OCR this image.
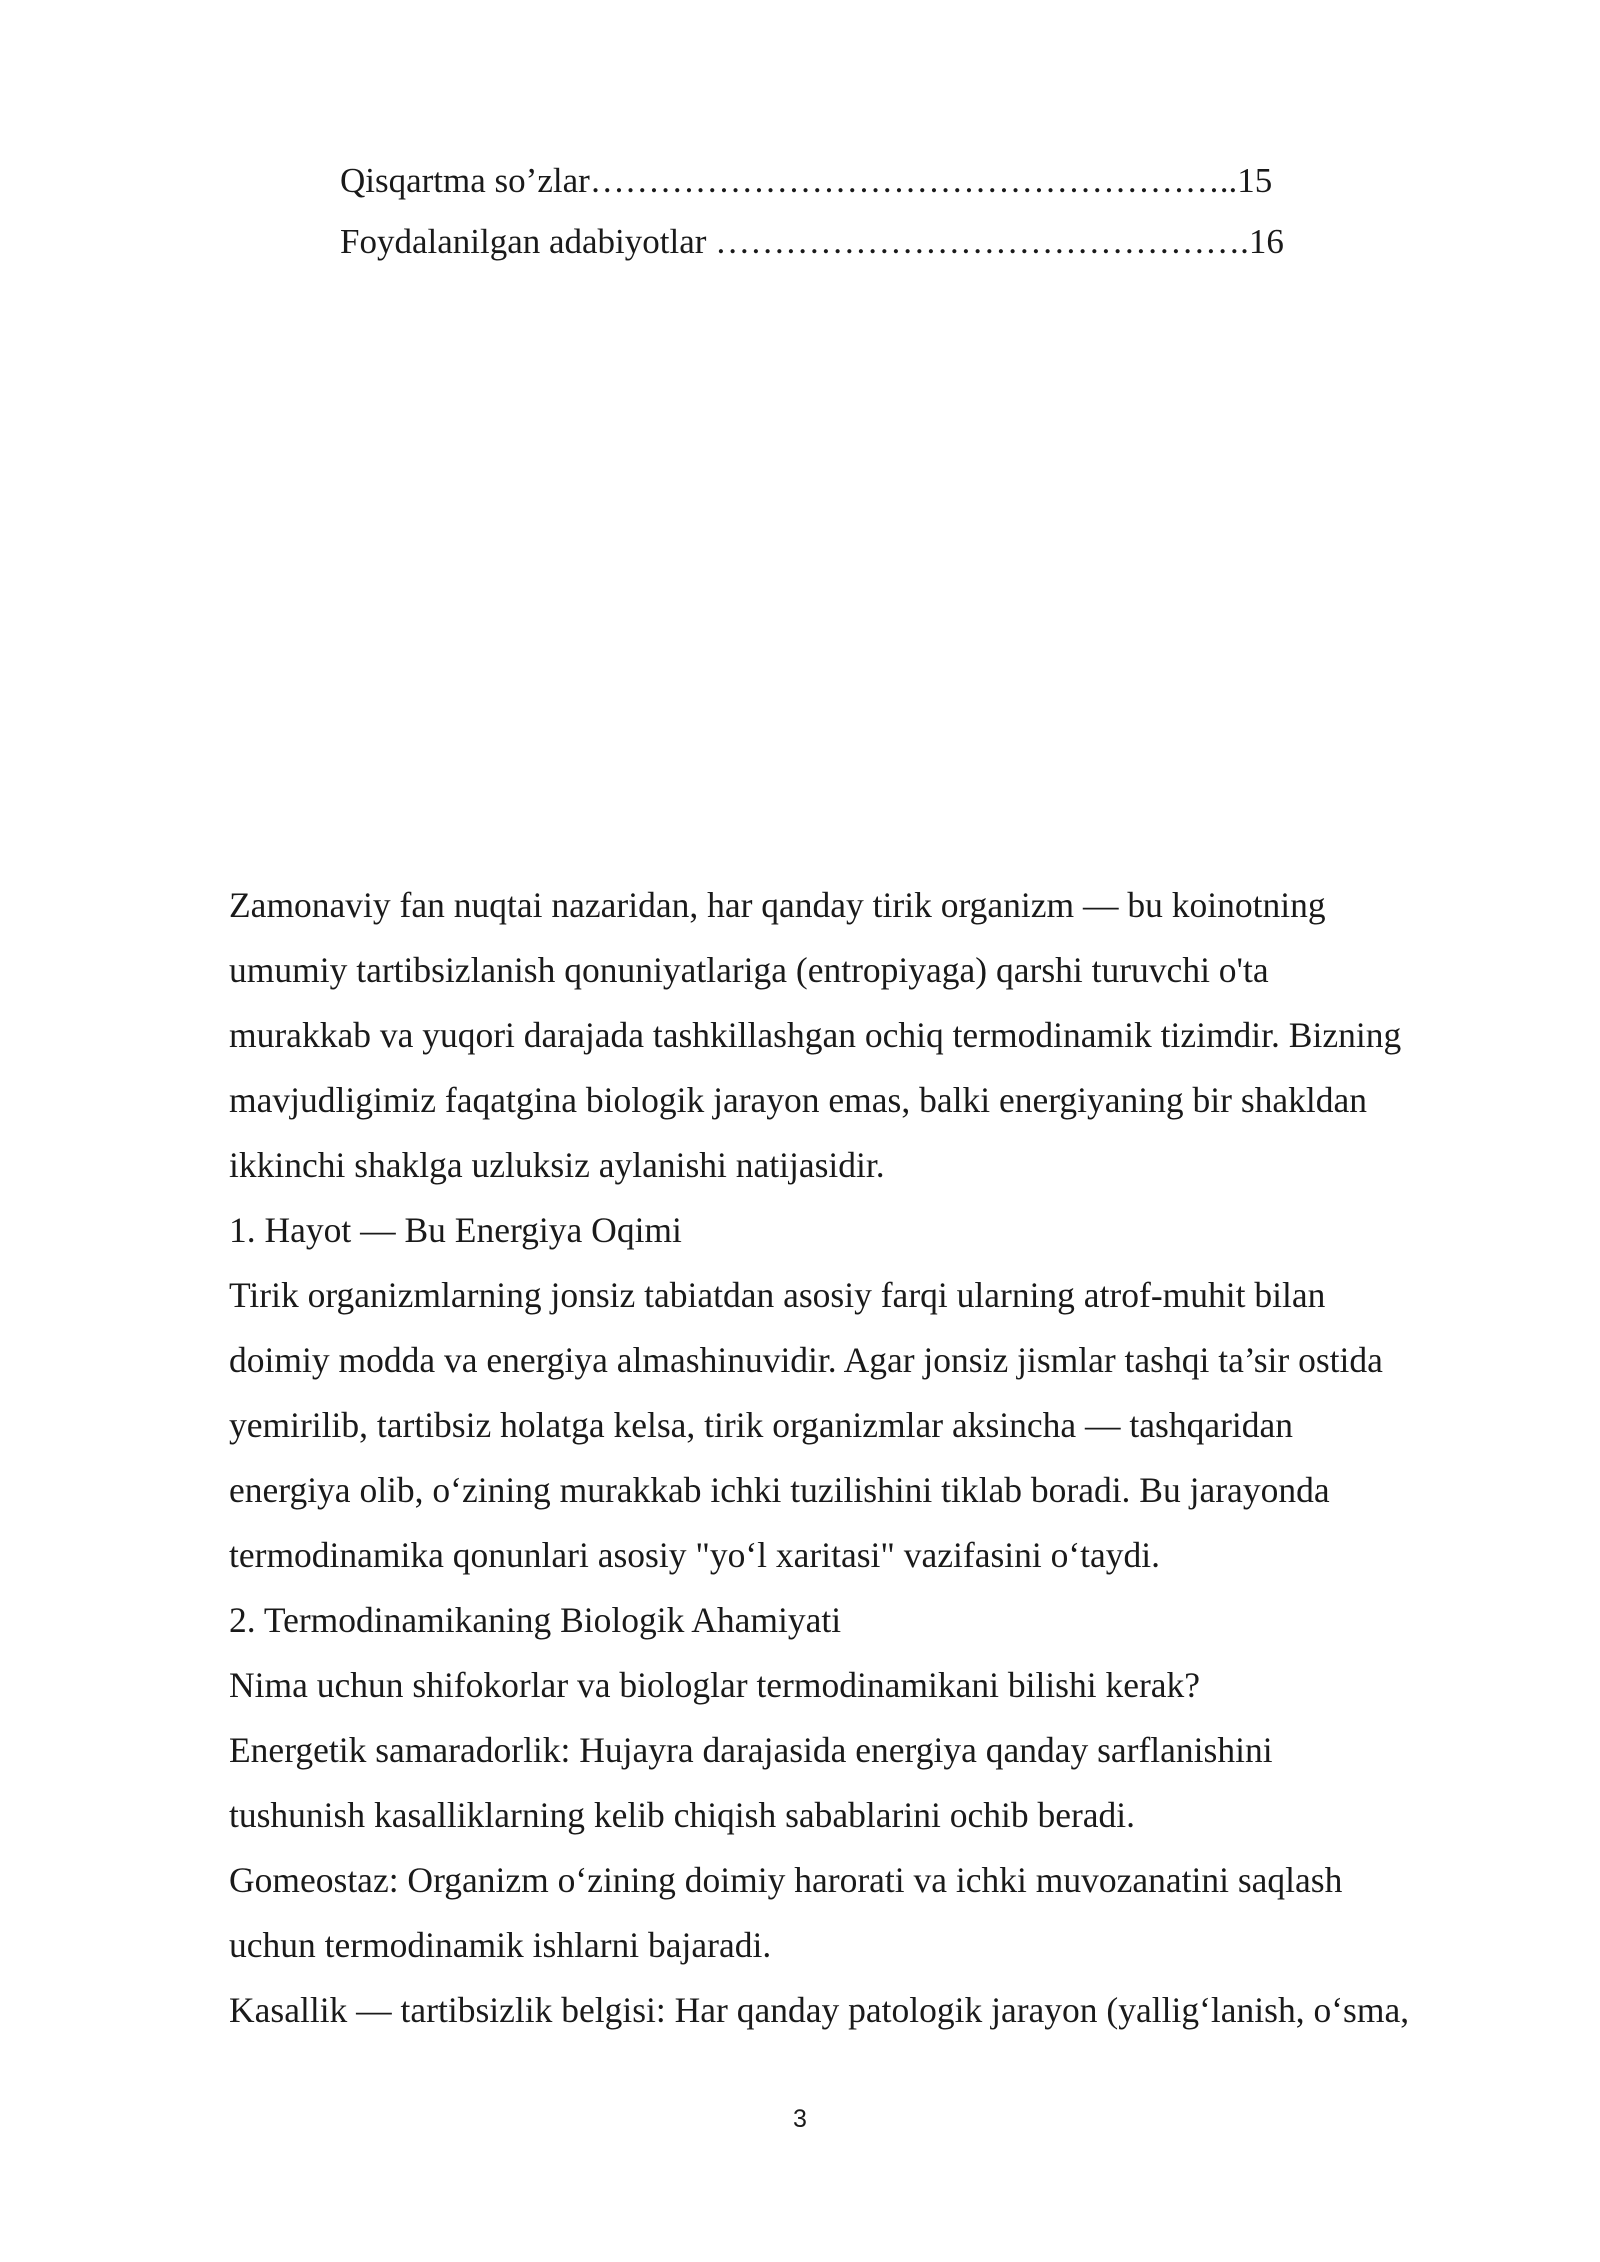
Qisqartma so’zlar………………………………………………..15
Foydalanilgan adabiyotlar ……………………………………….16
Zamonaviy fan nuqtai nazaridan, har qanday tirik organizm — bu koinotning
umumiy tartibsizlanish qonuniyatlariga (entropiyaga) qarshi turuvchi o'ta
murakkab va yuqori darajada tashkillashgan ochiq termodinamik tizimdir. Bizning
mavjudligimiz faqatgina biologik jarayon emas, balki energiyaning bir shakldan
ikkinchi shaklga uzluksiz aylanishi natijasidir.
1. Hayot — Bu Energiya Oqimi
Tirik organizmlarning jonsiz tabiatdan asosiy farqi ularning atrof-muhit bilan
doimiy modda va energiya almashinuvidir. Agar jonsiz jismlar tashqi ta’sir ostida
yemirilib, tartibsiz holatga kelsa, tirik organizmlar aksincha — tashqaridan
energiya olib, o‘zining murakkab ichki tuzilishini tiklab boradi. Bu jarayonda
termodinamika qonunlari asosiy "yo‘l xaritasi" vazifasini o‘taydi.
2. Termodinamikaning Biologik Ahamiyati
Nima uchun shifokorlar va biologlar termodinamikani bilishi kerak?
Energetik samaradorlik: Hujayra darajasida energiya qanday sarflanishini
tushunish kasalliklarning kelib chiqish sabablarini ochib beradi.
Gomeostaz: Organizm o‘zining doimiy harorati va ichki muvozanatini saqlash
uchun termodinamik ishlarni bajaradi.
Kasallik — tartibsizlik belgisi: Har qanday patologik jarayon (yallig‘lanish, o‘sma,
3
